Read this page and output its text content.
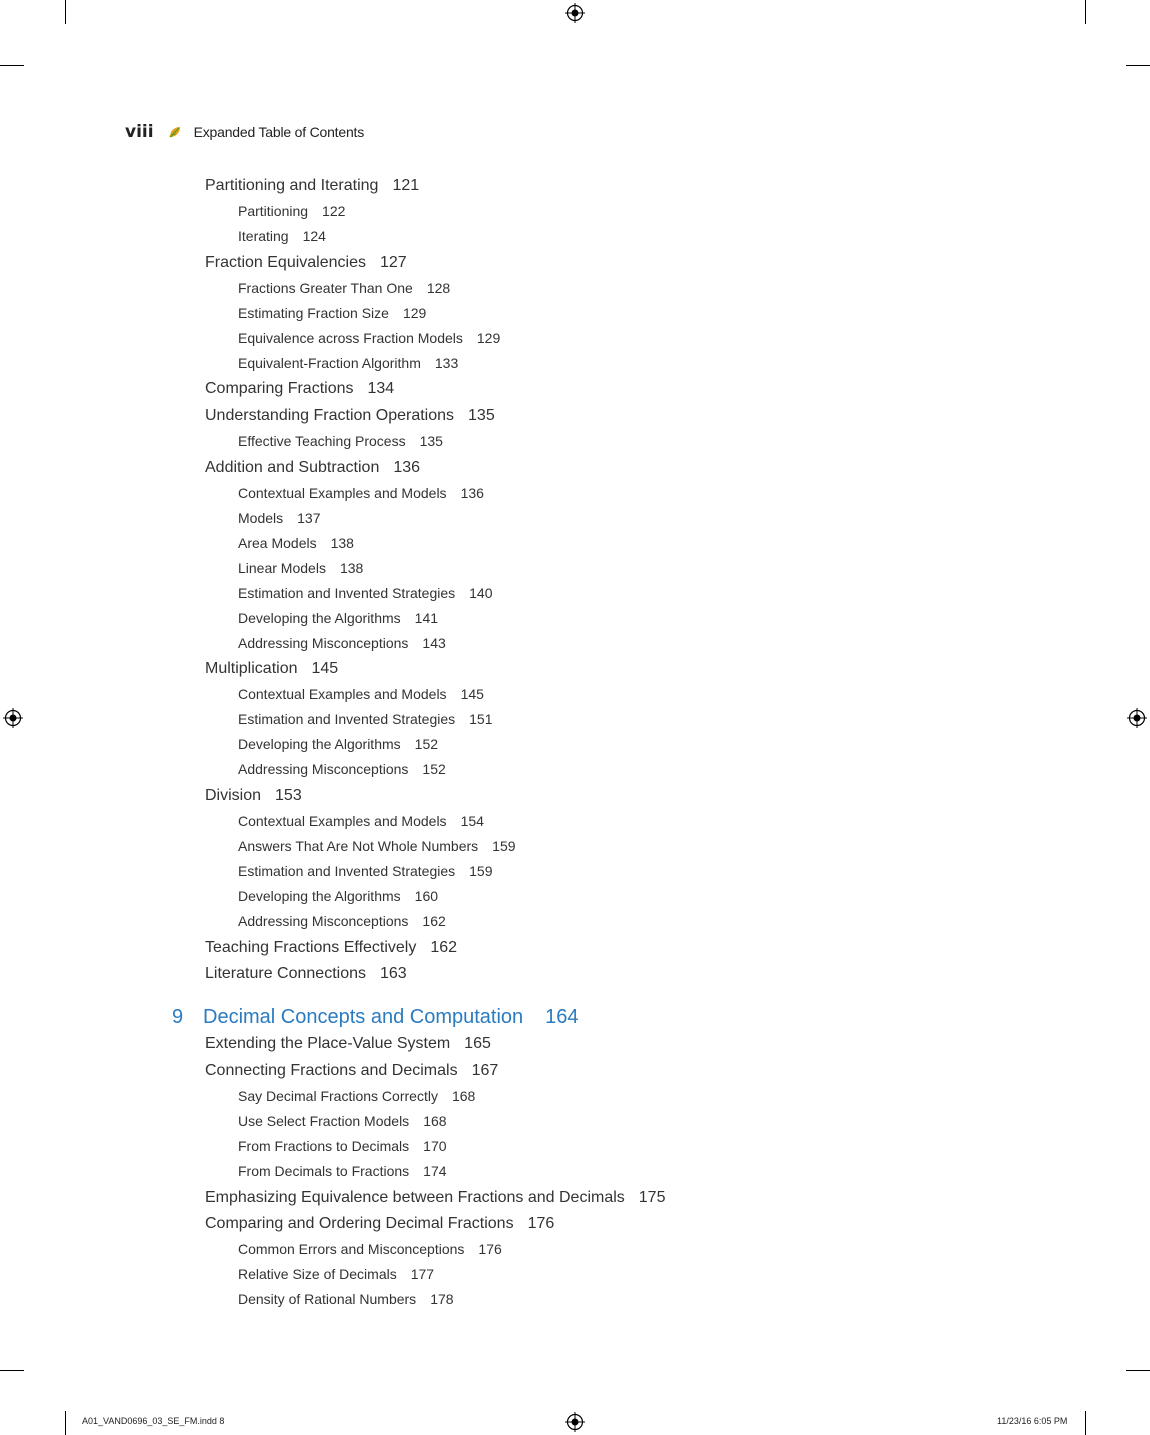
viii	Expanded Table of Contents
Partitioning and Iterating 121
Partitioning 122
Iterating 124
Fraction Equivalencies 127
Fractions Greater Than One 128
Estimating Fraction Size 129
Equivalence across Fraction Models 129
Equivalent-Fraction Algorithm 133
Comparing Fractions 134
Understanding Fraction Operations 135
Effective Teaching Process 135
Addition and Subtraction 136
Contextual Examples and Models 136
Models 137
Area Models 138
Linear Models 138
Estimation and Invented Strategies 140
Developing the Algorithms 141
Addressing Misconceptions 143
Multiplication 145
Contextual Examples and Models 145
Estimation and Invented Strategies 151
Developing the Algorithms 152
Addressing Misconceptions 152
Division 153
Contextual Examples and Models 154
Answers That Are Not Whole Numbers 159
Estimation and Invented Strategies 159
Developing the Algorithms 160
Addressing Misconceptions 162
Teaching Fractions Effectively 162
Literature Connections 163
9 Decimal Concepts and Computation 164
Extending the Place-Value System 165
Connecting Fractions and Decimals 167
Say Decimal Fractions Correctly 168
Use Select Fraction Models 168
From Fractions to Decimals 170
From Decimals to Fractions 174
Emphasizing Equivalence between Fractions and Decimals 175
Comparing and Ordering Decimal Fractions 176
Common Errors and Misconceptions 176
Relative Size of Decimals 177
Density of Rational Numbers 178
A01_VAND0696_03_SE_FM.indd 8	11/23/16 6:05 PM
